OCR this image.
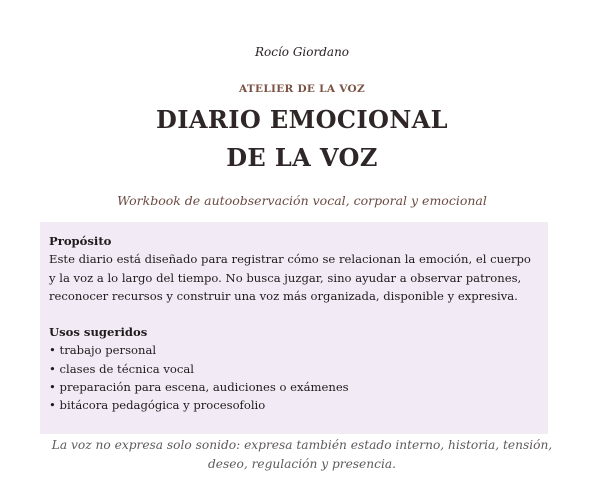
Rocío Giordano
ATELIER DE LA VOZ
DIARIO EMOCIONAL
DE LA VOZ
Workbook de autoobservación vocal, corporal y emocional
Propósito

Este diario está diseñado para registrar cómo se relacionan la emoción, el cuerpo y la voz a lo largo del tiempo. No busca juzgar, sino ayudar a observar patrones, reconocer recursos y construir una voz más organizada, disponible y expresiva.

Usos sugeridos
• trabajo personal
• clases de técnica vocal
• preparación para escena, audiciones o exámenes
• bitácora pedagógica y procesofolio
La voz no expresa solo sonido: expresa también estado interno, historia, tensión, deseo, regulación y presencia.
